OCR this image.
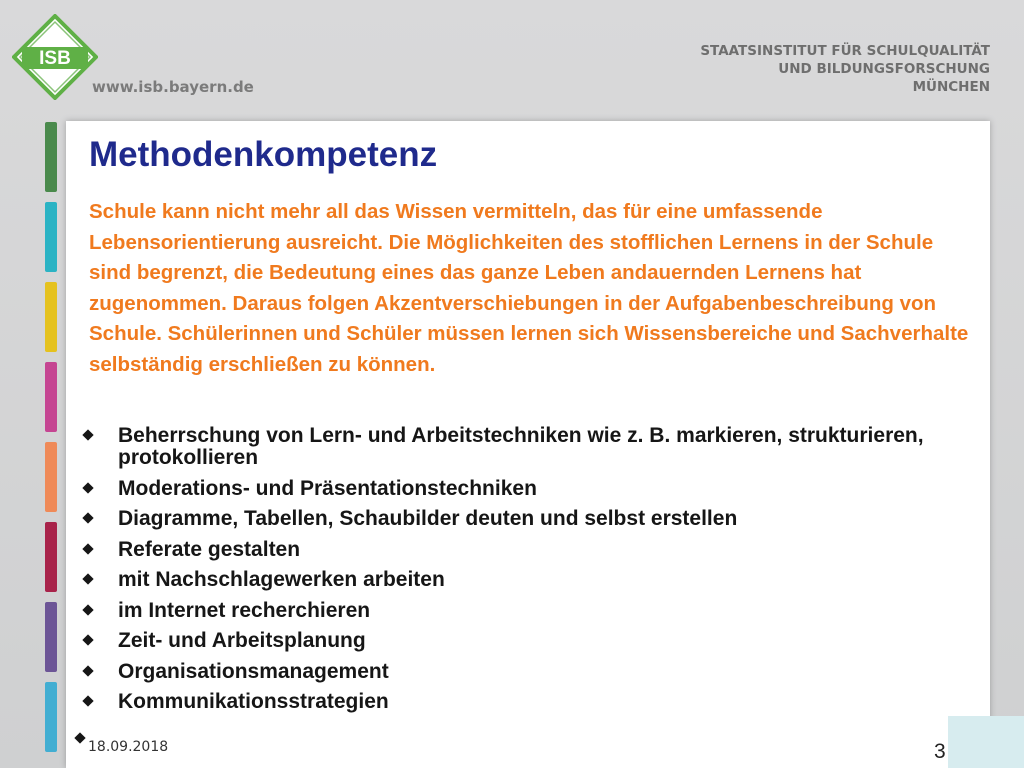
ISB
www.isb.bayern.de
STAATSINSTITUT FÜR SCHULQUALITÄT
UND BILDUNGSFORSCHUNG
MÜNCHEN
Methodenkompetenz

Schule kann nicht mehr all das Wissen vermitteln, das für eine umfassende Lebensorientierung ausreicht. Die Möglichkeiten des stofflichen Lernens in der Schule sind begrenzt, die Bedeutung eines das ganze Leben andauernden Lernens hat zugenommen. Daraus folgen Akzentverschiebungen in der Aufgabenbeschreibung von Schule. Schülerinnen und Schüler müssen lernen sich Wissensbereiche und Sachverhalte selbständig erschließen zu können.

Beherrschung von Lern- und Arbeitstechniken wie z. B. markieren, strukturieren, protokollieren
Moderations- und Präsentationstechniken
Diagramme, Tabellen, Schaubilder deuten und selbst erstellen
Referate gestalten
mit Nachschlagewerken arbeiten
im Internet recherchieren
Zeit- und Arbeitsplanung
Organisationsmanagement
Kommunikationsstrategien
18.09.2018	3
